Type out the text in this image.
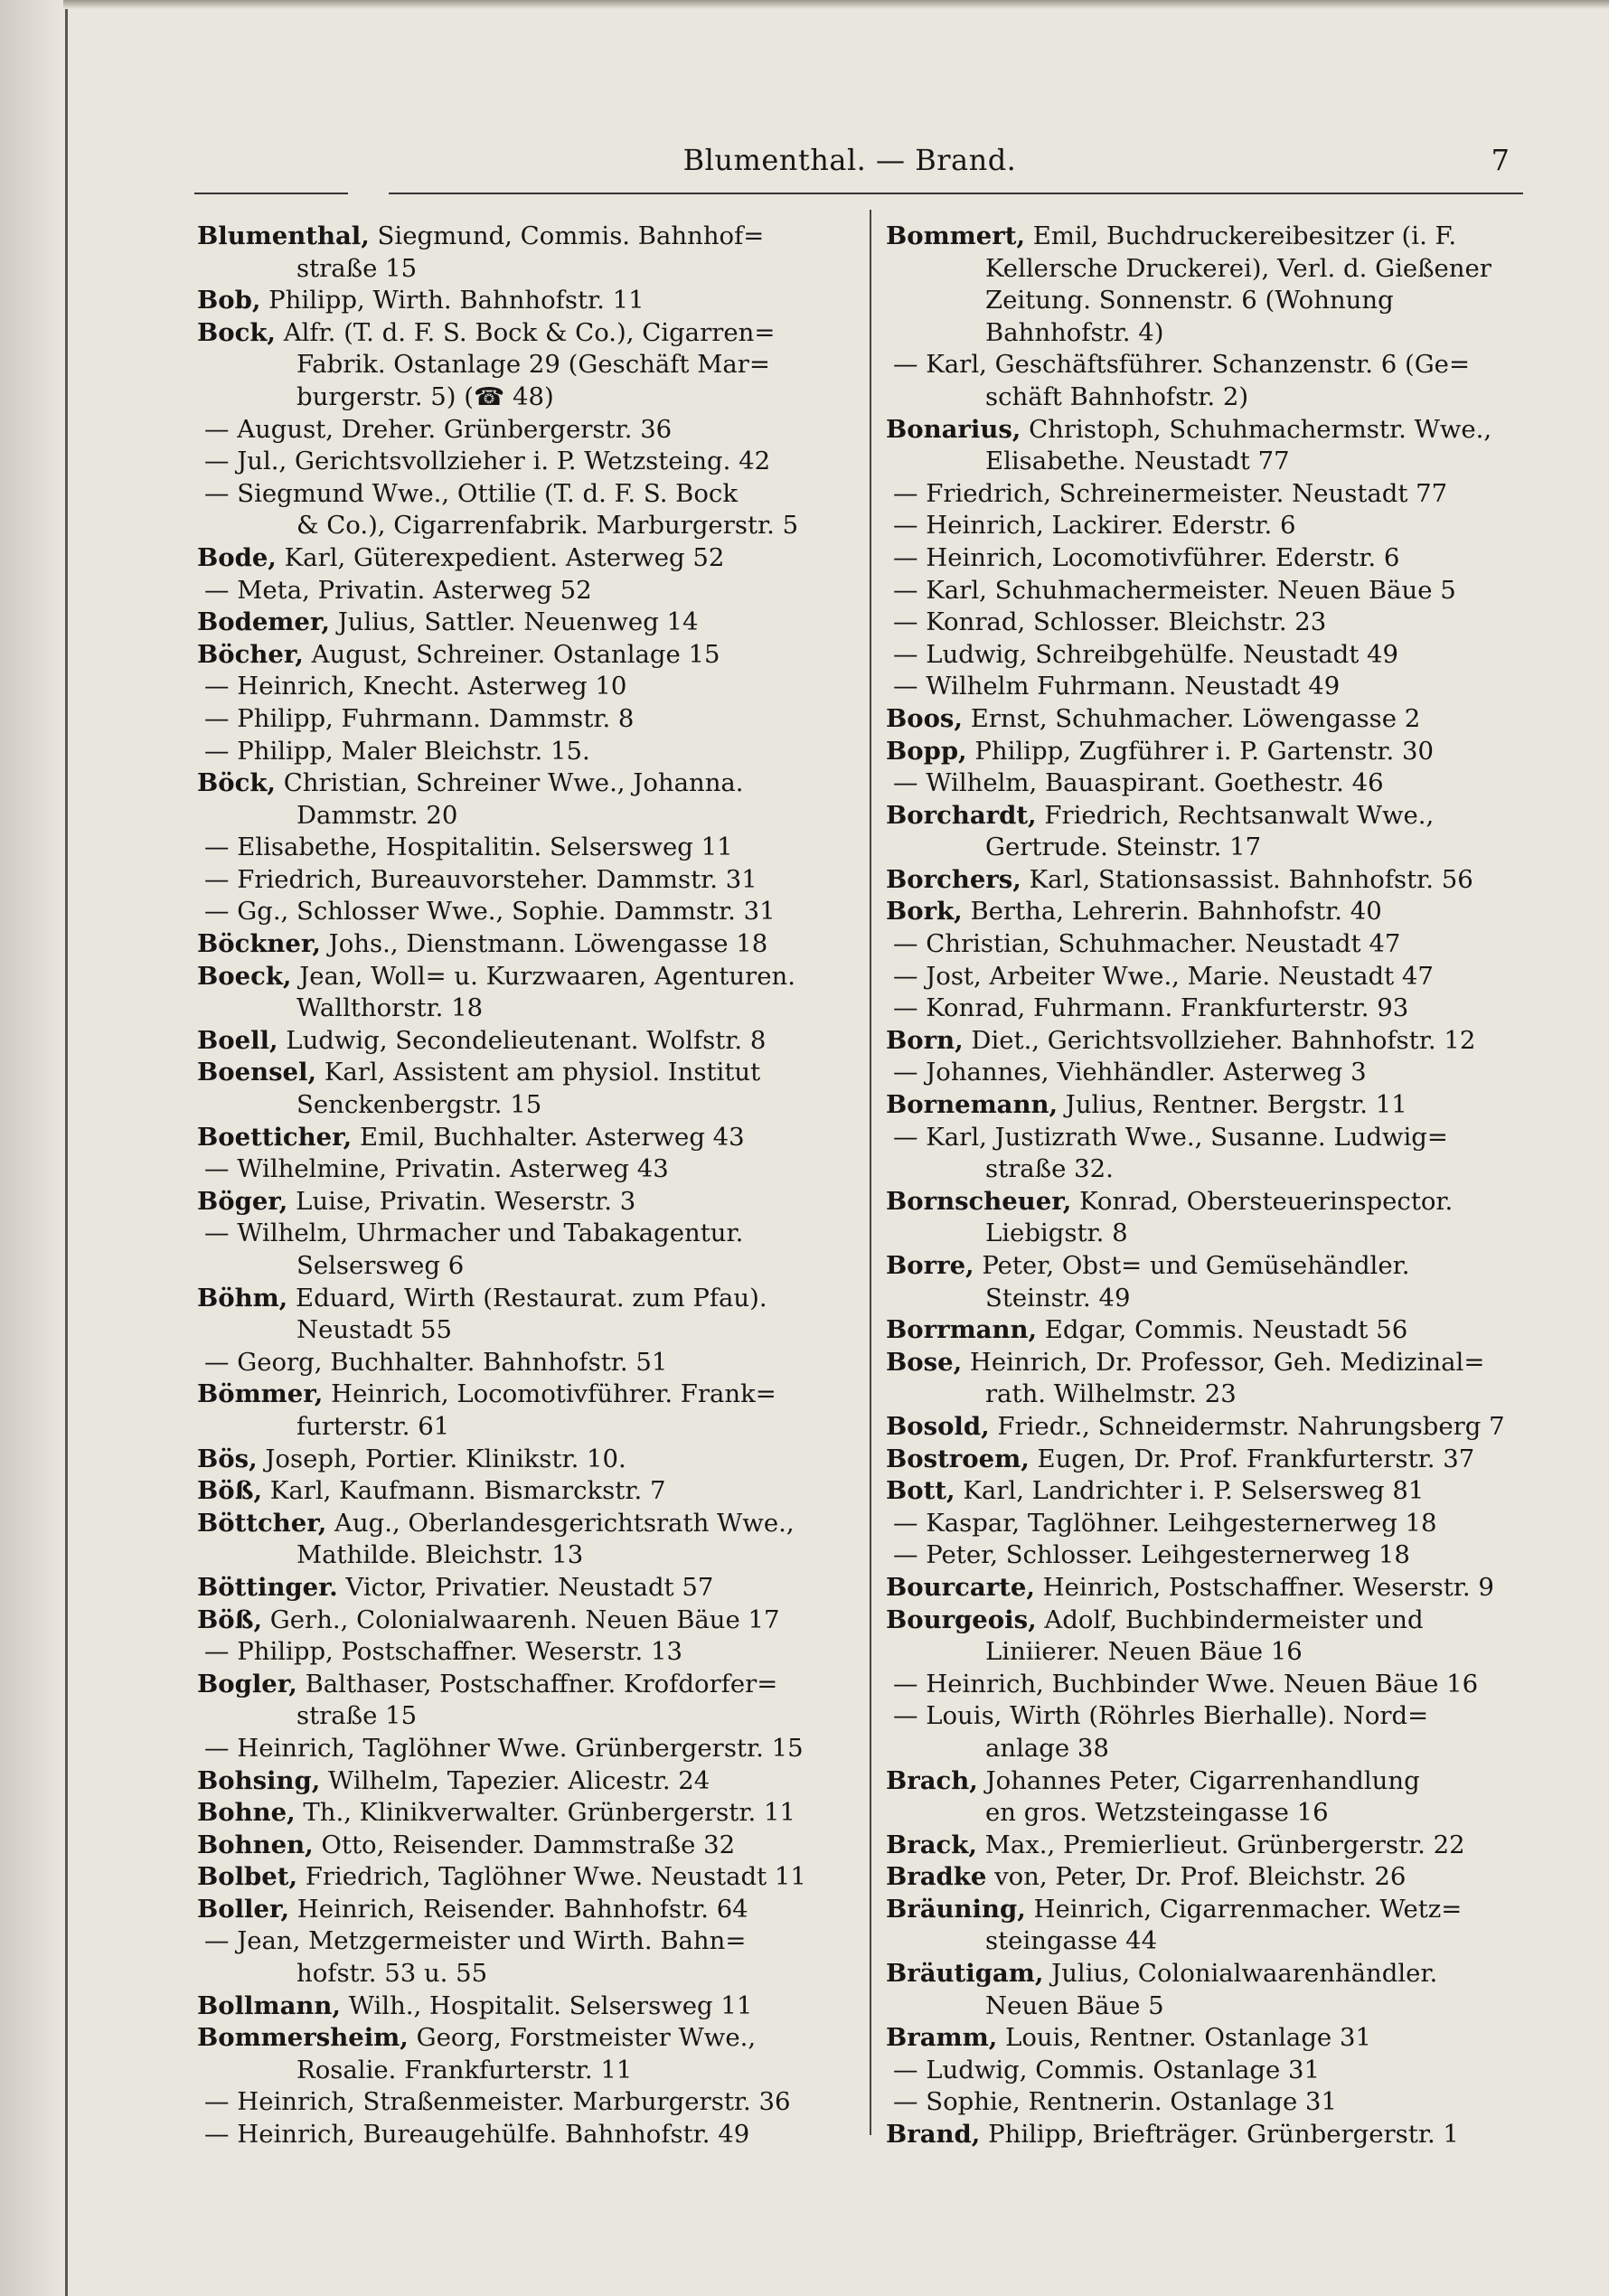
Blumenthal. — Brand.	7
Blumenthal, Siegmund, Commis. Bahnhof=
straße 15
Bob, Philipp, Wirth. Bahnhofstr. 11
Bock, Alfr. (T. d. F. S. Bock & Co.), Cigarren=
Fabrik. Ostanlage 29 (Geschäft Mar=
burgerstr. 5) (☎ 48)
— August, Dreher. Grünbergerstr. 36
— Jul., Gerichtsvollzieher i. P. Wetzsteing. 42
— Siegmund Wwe., Ottilie (T. d. F. S. Bock
& Co.), Cigarrenfabrik. Marburgerstr. 5
Bode, Karl, Güterexpedient. Asterweg 52
— Meta, Privatin. Asterweg 52
Bodemer, Julius, Sattler. Neuenweg 14
Böcher, August, Schreiner. Ostanlage 15
— Heinrich, Knecht. Asterweg 10
— Philipp, Fuhrmann. Dammstr. 8
— Philipp, Maler Bleichstr. 15.
Böck, Christian, Schreiner Wwe., Johanna.
Dammstr. 20
— Elisabethe, Hospitalitin. Selsersweg 11
— Friedrich, Bureauvorsteher. Dammstr. 31
— Gg., Schlosser Wwe., Sophie. Dammstr. 31
Böckner, Johs., Dienstmann. Löwengasse 18
Boeck, Jean, Woll= u. Kurzwaaren, Agenturen.
Wallthorstr. 18
Boell, Ludwig, Secondelieutenant. Wolfstr. 8
Boensel, Karl, Assistent am physiol. Institut
Senckenbergstr. 15
Boetticher, Emil, Buchhalter. Asterweg 43
— Wilhelmine, Privatin. Asterweg 43
Böger, Luise, Privatin. Weserstr. 3
— Wilhelm, Uhrmacher und Tabakagentur.
Selsersweg 6
Böhm, Eduard, Wirth (Restaurat. zum Pfau).
Neustadt 55
— Georg, Buchhalter. Bahnhofstr. 51
Bömmer, Heinrich, Locomotivführer. Frank=
furterstr. 61
Bös, Joseph, Portier. Klinikstr. 10.
Böß, Karl, Kaufmann. Bismarckstr. 7
Böttcher, Aug., Oberlandesgerichtsrath Wwe.,
Mathilde. Bleichstr. 13
Böttinger. Victor, Privatier. Neustadt 57
Böß, Gerh., Colonialwaarenh. Neuen Bäue 17
— Philipp, Postschaffner. Weserstr. 13
Bogler, Balthaser, Postschaffner. Krofdorfer=
straße 15
— Heinrich, Taglöhner Wwe. Grünbergerstr. 15
Bohsing, Wilhelm, Tapezier. Alicestr. 24
Bohne, Th., Klinikverwalter. Grünbergerstr. 11
Bohnen, Otto, Reisender. Dammstraße 32
Bolbet, Friedrich, Taglöhner Wwe. Neustadt 11
Boller, Heinrich, Reisender. Bahnhofstr. 64
— Jean, Metzgermeister und Wirth. Bahn=
hofstr. 53 u. 55
Bollmann, Wilh., Hospitalit. Selsersweg 11
Bommersheim, Georg, Forstmeister Wwe.,
Rosalie. Frankfurterstr. 11
— Heinrich, Straßenmeister. Marburgerstr. 36
— Heinrich, Bureaugehülfe. Bahnhofstr. 49
Bommert, Emil, Buchdruckereibesitzer (i. F.
Kellersche Druckerei), Verl. d. Gießener
Zeitung. Sonnenstr. 6 (Wohnung
Bahnhofstr. 4)
— Karl, Geschäftsführer. Schanzenstr. 6 (Ge=
schäft Bahnhofstr. 2)
Bonarius, Christoph, Schuhmachermstr. Wwe.,
Elisabethe. Neustadt 77
— Friedrich, Schreinermeister. Neustadt 77
— Heinrich, Lackirer. Ederstr. 6
— Heinrich, Locomotivführer. Ederstr. 6
— Karl, Schuhmachermeister. Neuen Bäue 5
— Konrad, Schlosser. Bleichstr. 23
— Ludwig, Schreibgehülfe. Neustadt 49
— Wilhelm Fuhrmann. Neustadt 49
Boos, Ernst, Schuhmacher. Löwengasse 2
Bopp, Philipp, Zugführer i. P. Gartenstr. 30
— Wilhelm, Bauaspirant. Goethestr. 46
Borchardt, Friedrich, Rechtsanwalt Wwe.,
Gertrude. Steinstr. 17
Borchers, Karl, Stationsassist. Bahnhofstr. 56
Bork, Bertha, Lehrerin. Bahnhofstr. 40
— Christian, Schuhmacher. Neustadt 47
— Jost, Arbeiter Wwe., Marie. Neustadt 47
— Konrad, Fuhrmann. Frankfurterstr. 93
Born, Diet., Gerichtsvollzieher. Bahnhofstr. 12
— Johannes, Viehhändler. Asterweg 3
Bornemann, Julius, Rentner. Bergstr. 11
— Karl, Justizrath Wwe., Susanne. Ludwig=
straße 32.
Bornscheuer, Konrad, Obersteuerinspector.
Liebigstr. 8
Borre, Peter, Obst= und Gemüsehändler.
Steinstr. 49
Borrmann, Edgar, Commis. Neustadt 56
Bose, Heinrich, Dr. Professor, Geh. Medizinal=
rath. Wilhelmstr. 23
Bosold, Friedr., Schneidermstr. Nahrungsberg 7
Bostroem, Eugen, Dr. Prof. Frankfurterstr. 37
Bott, Karl, Landrichter i. P. Selsersweg 81
— Kaspar, Taglöhner. Leihgesternerweg 18
— Peter, Schlosser. Leihgesternerweg 18
Bourcarte, Heinrich, Postschaffner. Weserstr. 9
Bourgeois, Adolf, Buchbindermeister und
Liniierer. Neuen Bäue 16
— Heinrich, Buchbinder Wwe. Neuen Bäue 16
— Louis, Wirth (Röhrles Bierhalle). Nord=
anlage 38
Brach, Johannes Peter, Cigarrenhandlung
en gros. Wetzsteingasse 16
Brack, Max., Premierlieut. Grünbergerstr. 22
Bradke von, Peter, Dr. Prof. Bleichstr. 26
Bräuning, Heinrich, Cigarrenmacher. Wetz=
steingasse 44
Bräutigam, Julius, Colonialwaarenhändler.
Neuen Bäue 5
Bramm, Louis, Rentner. Ostanlage 31
— Ludwig, Commis. Ostanlage 31
— Sophie, Rentnerin. Ostanlage 31
Brand, Philipp, Briefträger. Grünbergerstr. 1
